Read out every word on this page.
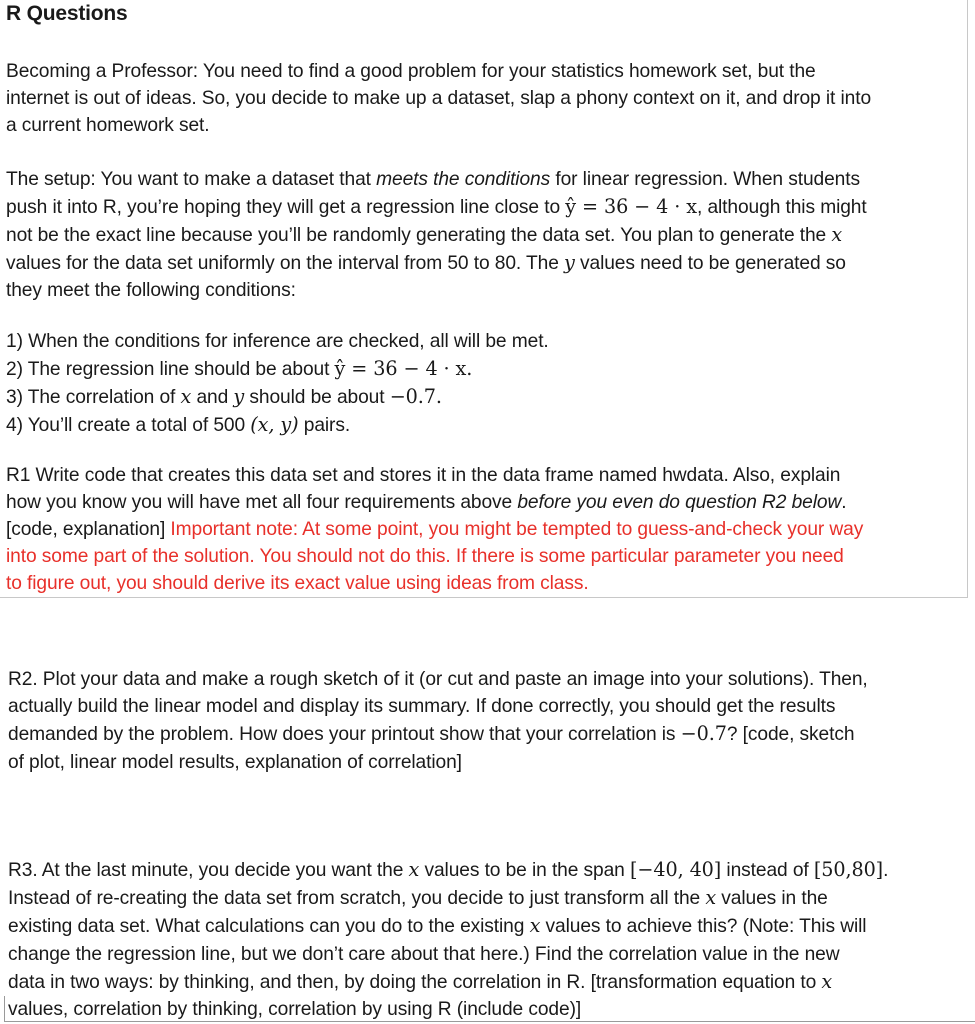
R Questions
Becoming a Professor: You need to find a good problem for your statistics homework set, but the
internet is out of ideas. So, you decide to make up a dataset, slap a phony context on it, and drop it into
a current homework set.
The setup: You want to make a dataset that meets the conditions for linear regression. When students
push it into R, you’re hoping they will get a regression line close to ŷ = 36 − 4 · x, although this might
not be the exact line because you’ll be randomly generating the data set. You plan to generate the x
values for the data set uniformly on the interval from 50 to 80. The y values need to be generated so
they meet the following conditions:
1) When the conditions for inference are checked, all will be met.
2) The regression line should be about ŷ = 36 − 4 · x.
3) The correlation of x and y should be about −0.7.
4) You’ll create a total of 500 (x, y) pairs.
R1 Write code that creates this data set and stores it in the data frame named hwdata. Also, explain
how you know you will have met all four requirements above before you even do question R2 below.
[code, explanation] Important note: At some point, you might be tempted to guess-and-check your way
into some part of the solution. You should not do this. If there is some particular parameter you need
to figure out, you should derive its exact value using ideas from class.
R2. Plot your data and make a rough sketch of it (or cut and paste an image into your solutions). Then,
actually build the linear model and display its summary. If done correctly, you should get the results
demanded by the problem. How does your printout show that your correlation is −0.7? [code, sketch
of plot, linear model results, explanation of correlation]
R3. At the last minute, you decide you want the x values to be in the span [−40, 40] instead of [50,80].
Instead of re-creating the data set from scratch, you decide to just transform all the x values in the
existing data set. What calculations can you do to the existing x values to achieve this? (Note: This will
change the regression line, but we don’t care about that here.) Find the correlation value in the new
data in two ways: by thinking, and then, by doing the correlation in R. [transformation equation to x
values, correlation by thinking, correlation by using R (include code)]
